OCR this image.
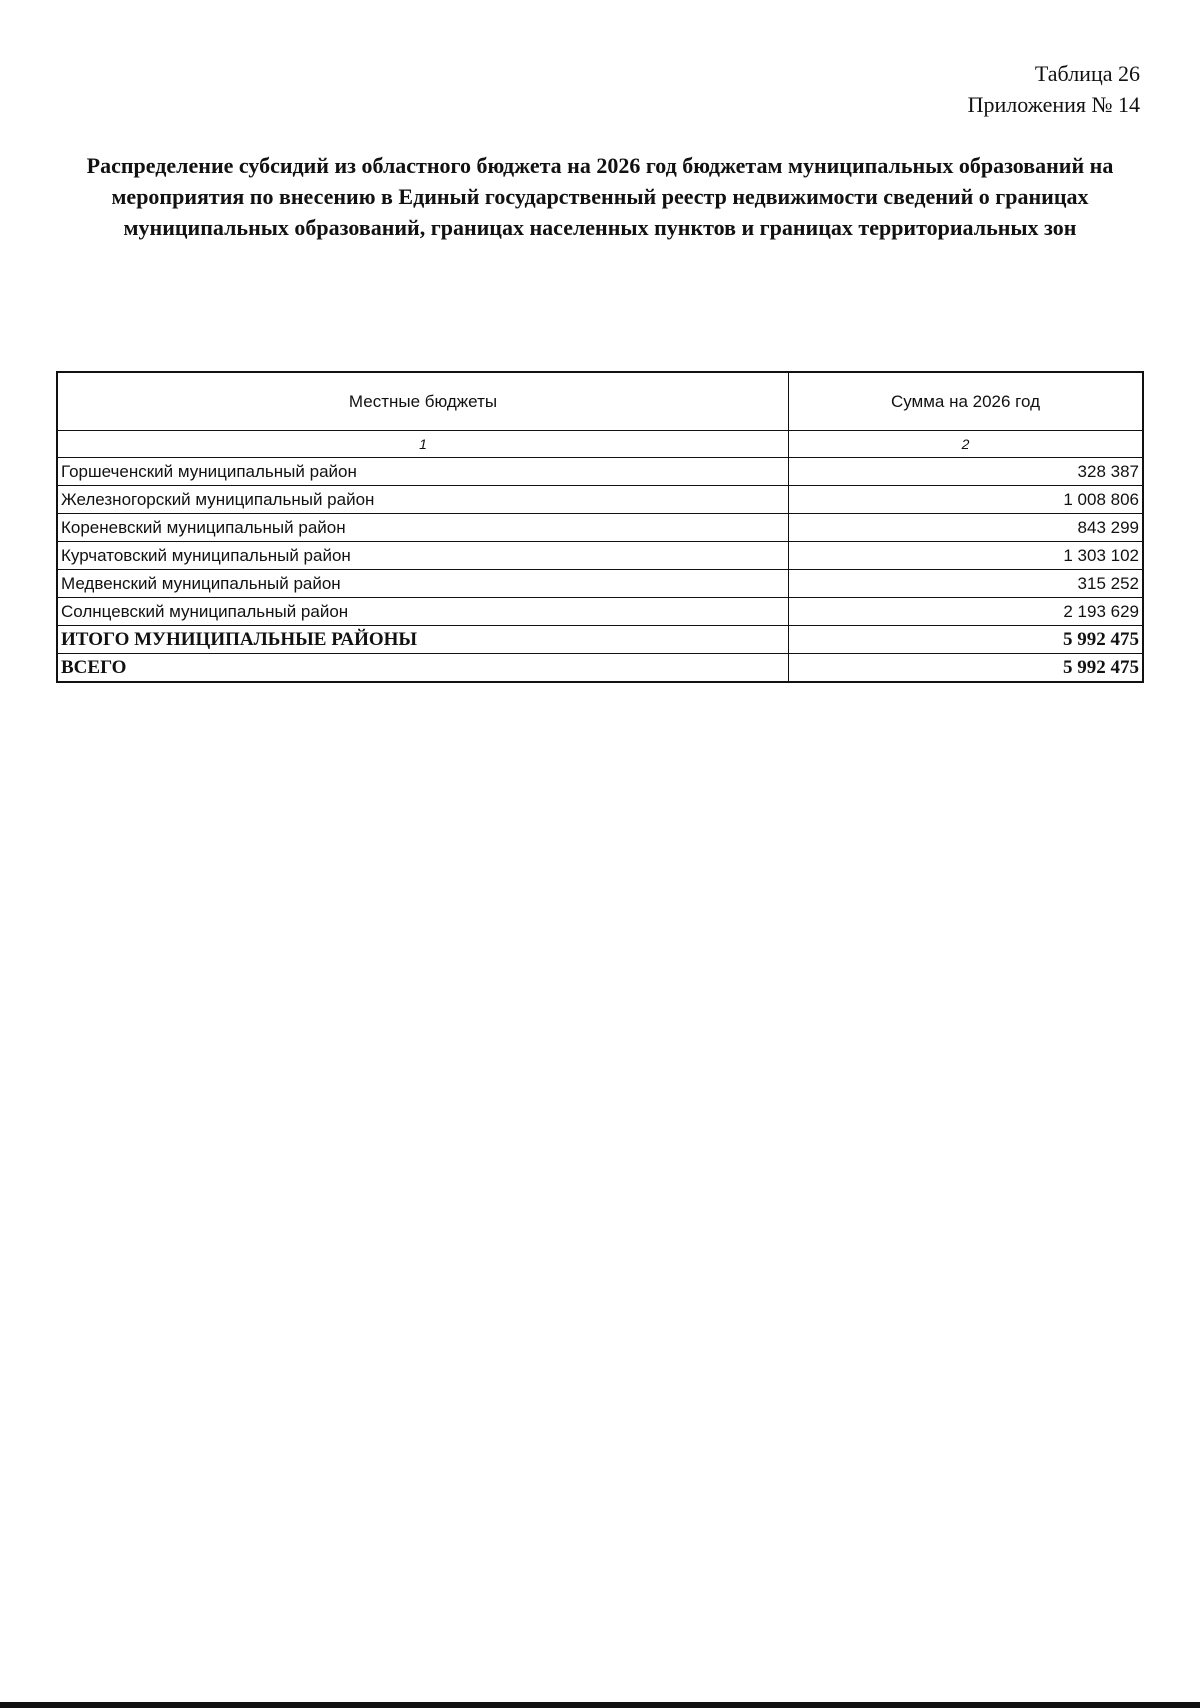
Таблица 26
Приложения № 14
Распределение субсидий из областного бюджета на 2026 год бюджетам муниципальных образований на мероприятия по внесению в Единый государственный реестр недвижимости сведений о границах муниципальных образований, границах населенных пунктов и границах территориальных зон
Местные бюджеты	Сумма на 2026 год
1	2
Горшеченский муниципальный район	328 387
Железногорский муниципальный район	1 008 806
Кореневский муниципальный район	843 299
Курчатовский муниципальный район	1 303 102
Медвенский муниципальный район	315 252
Солнцевский муниципальный район	2 193 629
ИТОГО МУНИЦИПАЛЬНЫЕ РАЙОНЫ	5 992 475
ВСЕГО	5 992 475
